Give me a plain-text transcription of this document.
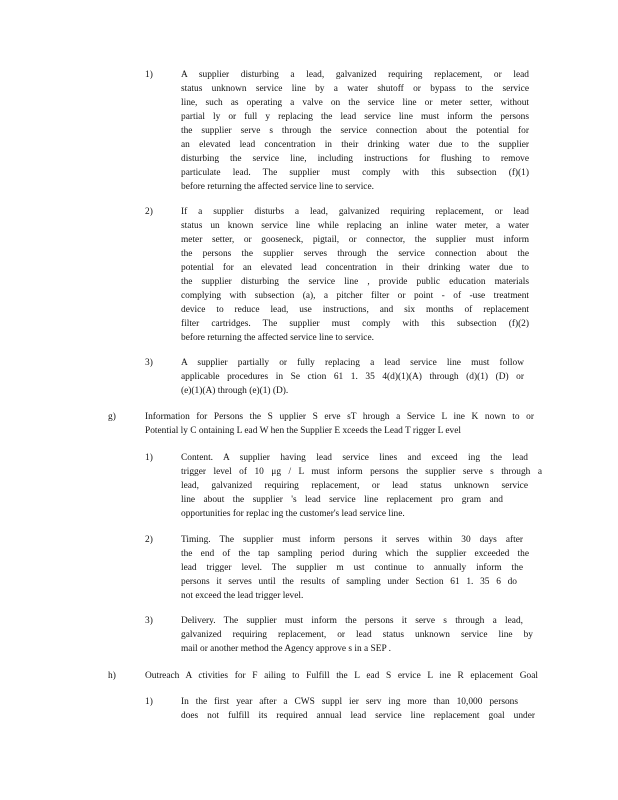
1)	A supplier disturbing a lead, galvanized requiring replacement, or lead
status unknown service line by a water shutoff or bypass to the service
line, such as operating a valve on the service line or meter setter, without
partial ly or full y replacing the lead service line must inform the persons
the supplier serve s through the service connection about the potential for
an elevated lead concentration in their drinking water due to the supplier
disturbing the service line, including instructions for flushing to remove
particulate lead. The supplier must comply with this subsection (f)(1)
before returning the affected service line to service.
2)	If a supplier disturbs a lead, galvanized requiring replacement, or lead
status un known service line while replacing an inline water meter, a water
meter setter, or gooseneck, pigtail, or connector, the supplier must inform
the persons the supplier serves through the service connection about the
potential for an elevated lead concentration in their drinking water due to
the supplier disturbing the service line , provide public education materials
complying with subsection (a), a pitcher filter or point - of -use treatment
device to reduce lead, use instructions, and six months of replacement
filter cartridges. The supplier must comply with this subsection (f)(2)
before returning the affected service line to service.
3)	A supplier partially or fully replacing a lead service line must follow
applicable procedures in Se ction 61 1. 35 4(d)(1)(A) through (d)(1) (D) or
(e)(1)(A) through (e)(1) (D).
g)	Information for Persons the S upplier S erve sT hrough a Service L ine K nown to or
Potential ly C ontaining L ead W hen the Supplier E xceeds the Lead T rigger L evel
1)	Content. A supplier having lead service lines and exceed ing the lead
trigger level of 10 μg / L must inform persons the supplier serve s through a
lead, galvanized requiring replacement, or lead status unknown service
line about the supplier 's lead service line replacement pro gram and
opportunities for replac ing the customer's lead service line.
2)	Timing. The supplier must inform persons it serves within 30 days after
the end of the tap sampling period during which the supplier exceeded the
lead trigger level. The supplier m ust continue to annually inform the
persons it serves until the results of sampling under Section 61 1. 35 6 do
not exceed the lead trigger level.
3)	Delivery. The supplier must inform the persons it serve s through a lead,
galvanized requiring replacement, or lead status unknown service line by
mail or another method the Agency approve s in a SEP .
h)	Outreach A ctivities for F ailing to Fulfill the L ead S ervice L ine R eplacement Goal
1)	In the first year after a CWS suppl ier serv ing more than 10,000 persons
does not fulfill its required annual lead service line replacement goal under
